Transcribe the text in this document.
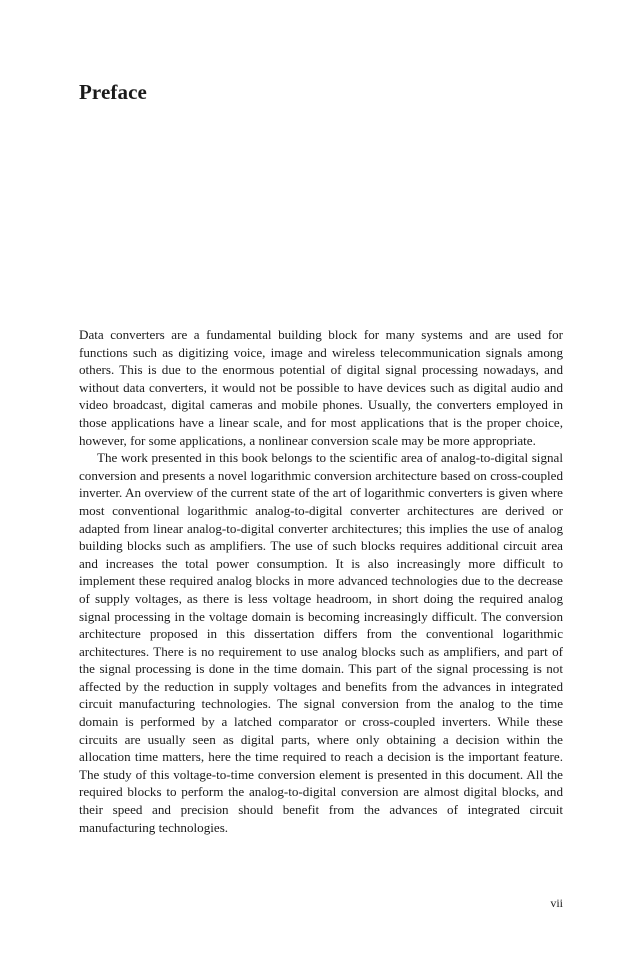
Preface

Data converters are a fundamental building block for many systems and are used for functions such as digitizing voice, image and wireless telecommunication signals among others. This is due to the enormous potential of digital signal processing nowadays, and without data converters, it would not be possible to have devices such as digital audio and video broadcast, digital cameras and mobile phones. Usually, the converters employed in those applications have a linear scale, and for most applications that is the proper choice, however, for some applications, a nonlinear conversion scale may be more appropriate.

The work presented in this book belongs to the scientific area of analog-to-digital signal conversion and presents a novel logarithmic conversion architecture based on cross-coupled inverter. An overview of the current state of the art of logarithmic converters is given where most conventional logarithmic analog-to-digital converter architectures are derived or adapted from linear analog-to-digital converter architectures; this implies the use of analog building blocks such as amplifiers. The use of such blocks requires additional circuit area and increases the total power consumption. It is also increasingly more difficult to implement these required analog blocks in more advanced technologies due to the decrease of supply voltages, as there is less voltage headroom, in short doing the required analog signal processing in the voltage domain is becoming increasingly difficult. The conversion architecture proposed in this dissertation differs from the conventional logarithmic architectures. There is no requirement to use analog blocks such as amplifiers, and part of the signal processing is done in the time domain. This part of the signal processing is not affected by the reduction in supply voltages and benefits from the advances in integrated circuit manufacturing technologies. The signal conversion from the analog to the time domain is performed by a latched comparator or cross-coupled inverters. While these circuits are usually seen as digital parts, where only obtaining a decision within the allocation time matters, here the time required to reach a decision is the important feature. The study of this voltage-to-time conversion element is presented in this document. All the required blocks to perform the analog-to-digital conversion are almost digital blocks, and their speed and precision should benefit from the advances of integrated circuit manufacturing technologies.

vii
